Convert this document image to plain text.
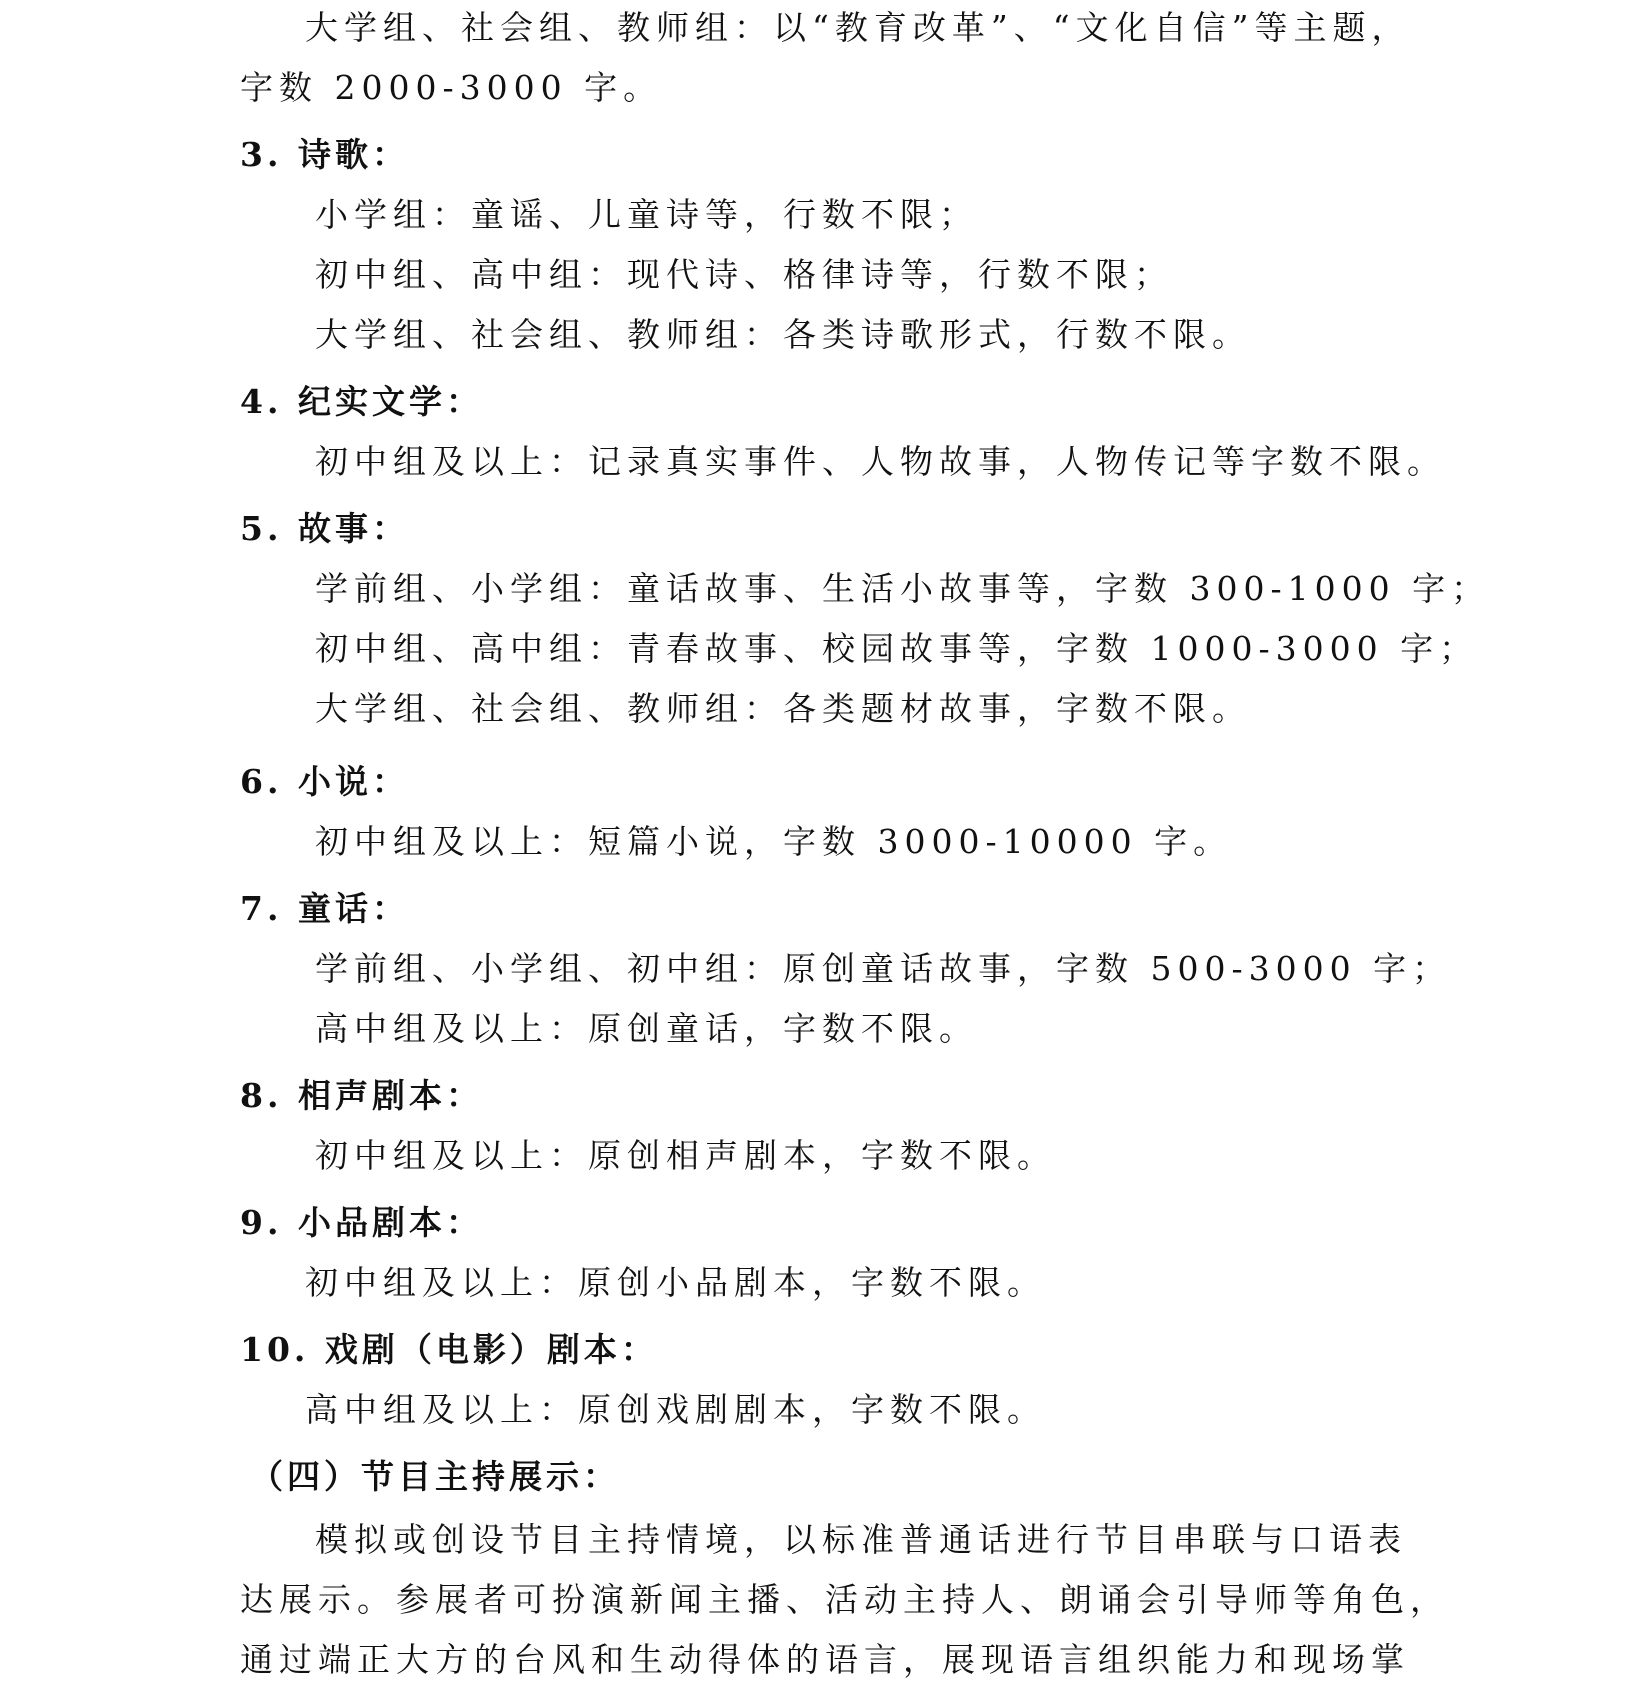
大学组、社会组、教师组：以“教育改革”、“文化自信”等主题，
字数 2000-3000 字。
3. 诗歌：
小学组：童谣、儿童诗等，行数不限；
初中组、高中组：现代诗、格律诗等，行数不限；
大学组、社会组、教师组：各类诗歌形式，行数不限。
4. 纪实文学：
初中组及以上：记录真实事件、人物故事，人物传记等字数不限。
5. 故事：
学前组、小学组：童话故事、生活小故事等，字数 300-1000 字；
初中组、高中组：青春故事、校园故事等，字数 1000-3000 字；
大学组、社会组、教师组：各类题材故事，字数不限。
6. 小说：
初中组及以上：短篇小说，字数 3000-10000 字。
7. 童话：
学前组、小学组、初中组：原创童话故事，字数 500-3000 字；
高中组及以上：原创童话，字数不限。
8. 相声剧本：
初中组及以上：原创相声剧本，字数不限。
9. 小品剧本：
初中组及以上：原创小品剧本，字数不限。
10. 戏剧（电影）剧本：
高中组及以上：原创戏剧剧本，字数不限。
（四）节目主持展示：
模拟或创设节目主持情境，以标准普通话进行节目串联与口语表
达展示。参展者可扮演新闻主播、活动主持人、朗诵会引导师等角色，
通过端正大方的台风和生动得体的语言，展现语言组织能力和现场掌
